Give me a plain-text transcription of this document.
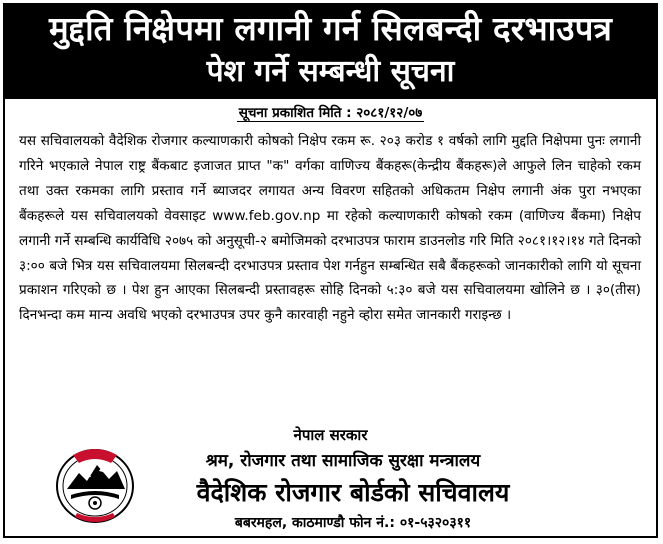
मुद्दति निक्षेपमा लगानी गर्न सिलबन्दी दरभाउपत्र
पेश गर्ने सम्बन्धी सूचना
सूचना प्रकाशित मिति : २०८१/१२/०७
यस सचिवालयको वैदेशिक रोजगार कल्याणकारी कोषको निक्षेप रकम रू. २०३ करोड १ वर्षको लागि मुद्दति निक्षेपमा पुनः लगानी गरिने भएकाले नेपाल राष्ट्र बैंकबाट इजाजत प्राप्त "क" वर्गका वाणिज्य बैंकहरू(केन्द्रीय बैंकहरू)ले आफुले लिन चाहेको रकम तथा उक्त रकमका लागि प्रस्ताव गर्ने ब्याजदर लगायत अन्य विवरण सहितको अधिकतम निक्षेप लगानी अंक पुरा नभएका बैंकहरूले यस सचिवालयको वेवसाइट www.feb.gov.np मा रहेको कल्याणकारी कोषको रकम (वाणिज्य बैंकमा) निक्षेप लगानी गर्ने सम्बन्धि कार्यविधि २०७५ को अनुसूची-२ बमोजिमको दरभाउपत्र फाराम डाउनलोड गरि मिति २०८१।१२।१४ गते दिनको ३:०० बजे भित्र यस सचिवालयमा सिलबन्दी दरभाउपत्र प्रस्ताव पेश गर्नहुन सम्बन्धित सबै बैंकहरूको जानकारीको लागि यो सूचना प्रकाशन गरिएको छ । पेश हुन आएका सिलबन्दी प्रस्तावहरू सोहि दिनको ५:३० बजे यस सचिवालयमा खोलिने छ । ३०(तीस) दिनभन्दा कम मान्य अवधि भएको दरभाउपत्र उपर कुनै कारवाही नहुने व्होरा समेत जानकारी गराइन्छ ।
नेपाल सरकार
श्रम, रोजगार तथा सामाजिक सुरक्षा मन्त्रालय
वैदेशिक रोजगार बोर्डको सचिवालय
बबरमहल, काठमाण्डौ फोन नं.: ०१-५३२०३११
